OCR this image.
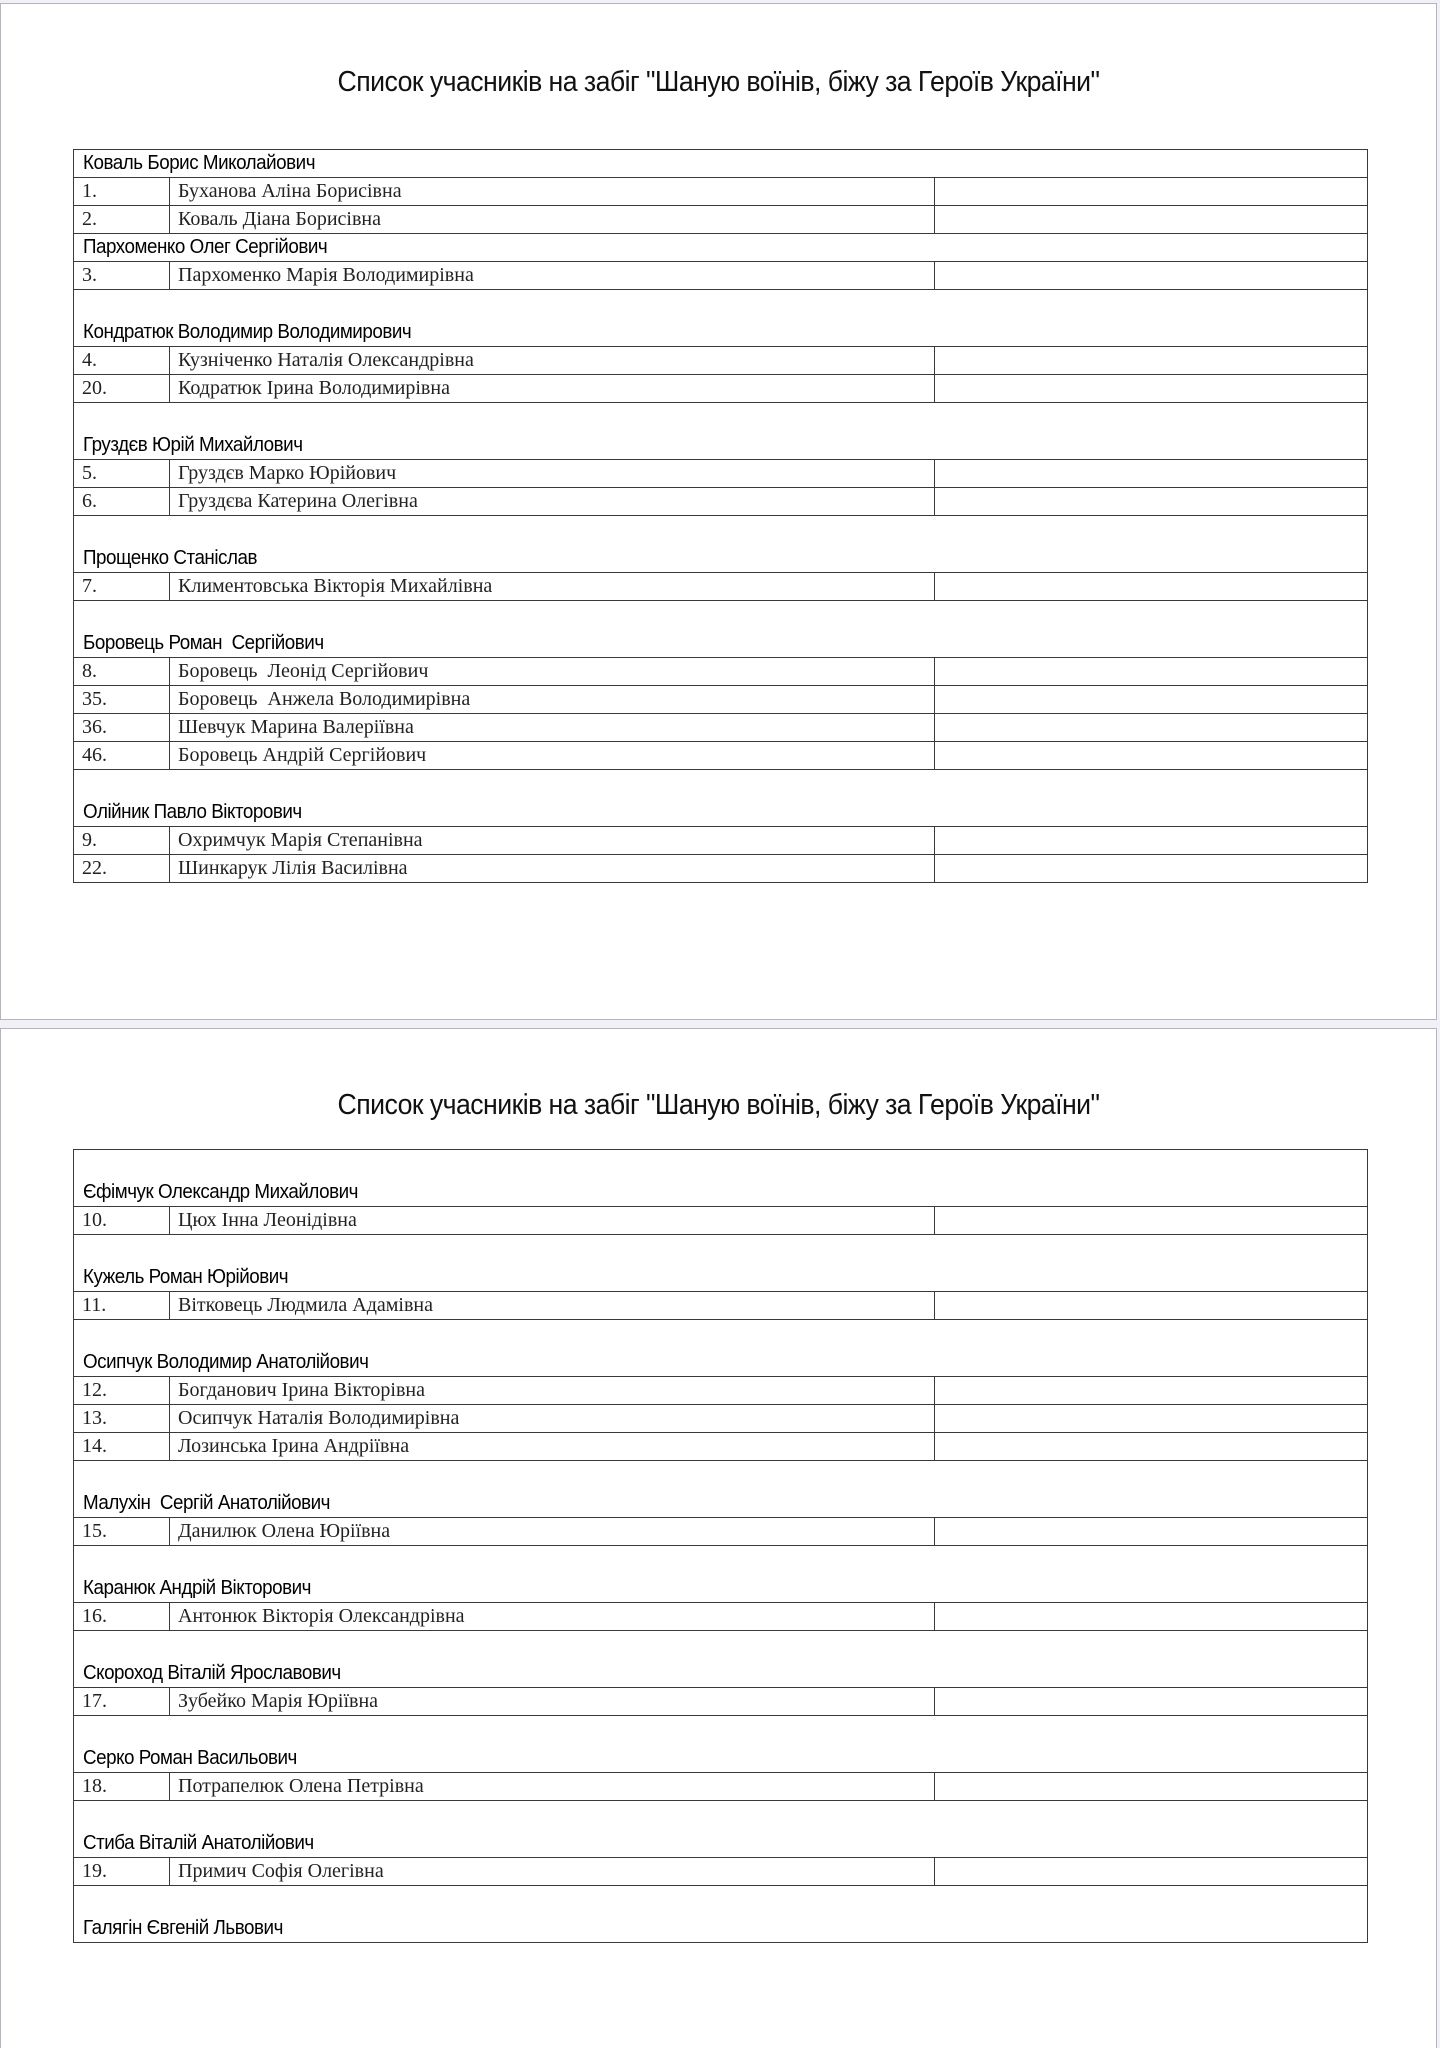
Список учасників на забіг "Шаную воїнів, біжу за Героїв України"
Коваль Борис Миколайович		
1.	Буханова Аліна Борисівна	
2.	Коваль Діана Борисівна	
Пархоменко Олег Сергійович		
3.	Пархоменко Марія Володимирівна	
Кондратюк Володимир Володимирович		
4.	Кузніченко Наталія Олександрівна	
20.	Кодратюк Ірина Володимирівна	
Груздєв Юрій Михайлович		
5.	Груздєв Марко Юрійович	
6.	Груздєва Катерина Олегівна	
Прощенко Станіслав		
7.	Климентовська Вікторія Михайлівна	
Боровець Роман  Сергійович		
8.	Боровець  Леонід Сергійович	
35.	Боровець  Анжела Володимирівна	
36.	Шевчук Марина Валеріївна	
46.	Боровець Андрій Сергійович	
Олійник Павло Вікторович		
9.	Охримчук Марія Степанівна	
22.	Шинкарук Лілія Василівна	
Список учасників на забіг "Шаную воїнів, біжу за Героїв України"
Єфімчук Олександр Михайлович		
10.	Цюх Інна Леонідівна	
Кужель Роман Юрійович		
11.	Вітковець Людмила Адамівна	
Осипчук Володимир Анатолійович		
12.	Богданович Ірина Вікторівна	
13.	Осипчук Наталія Володимирівна	
14.	Лозинська Ірина Андріївна	
Малухін  Сергій Анатолійович		
15.	Данилюк Олена Юріївна	
Каранюк Андрій Вікторович		
16.	Антонюк Вікторія Олександрівна	
Скороход Віталій Ярославович		
17.	Зубейко Марія Юріївна	
Серко Роман Васильович		
18.	Потрапелюк Олена Петрівна	
Стиба Віталій Анатолійович		
19.	Примич Софія Олегівна	
Галягін Євгеній Львович		
